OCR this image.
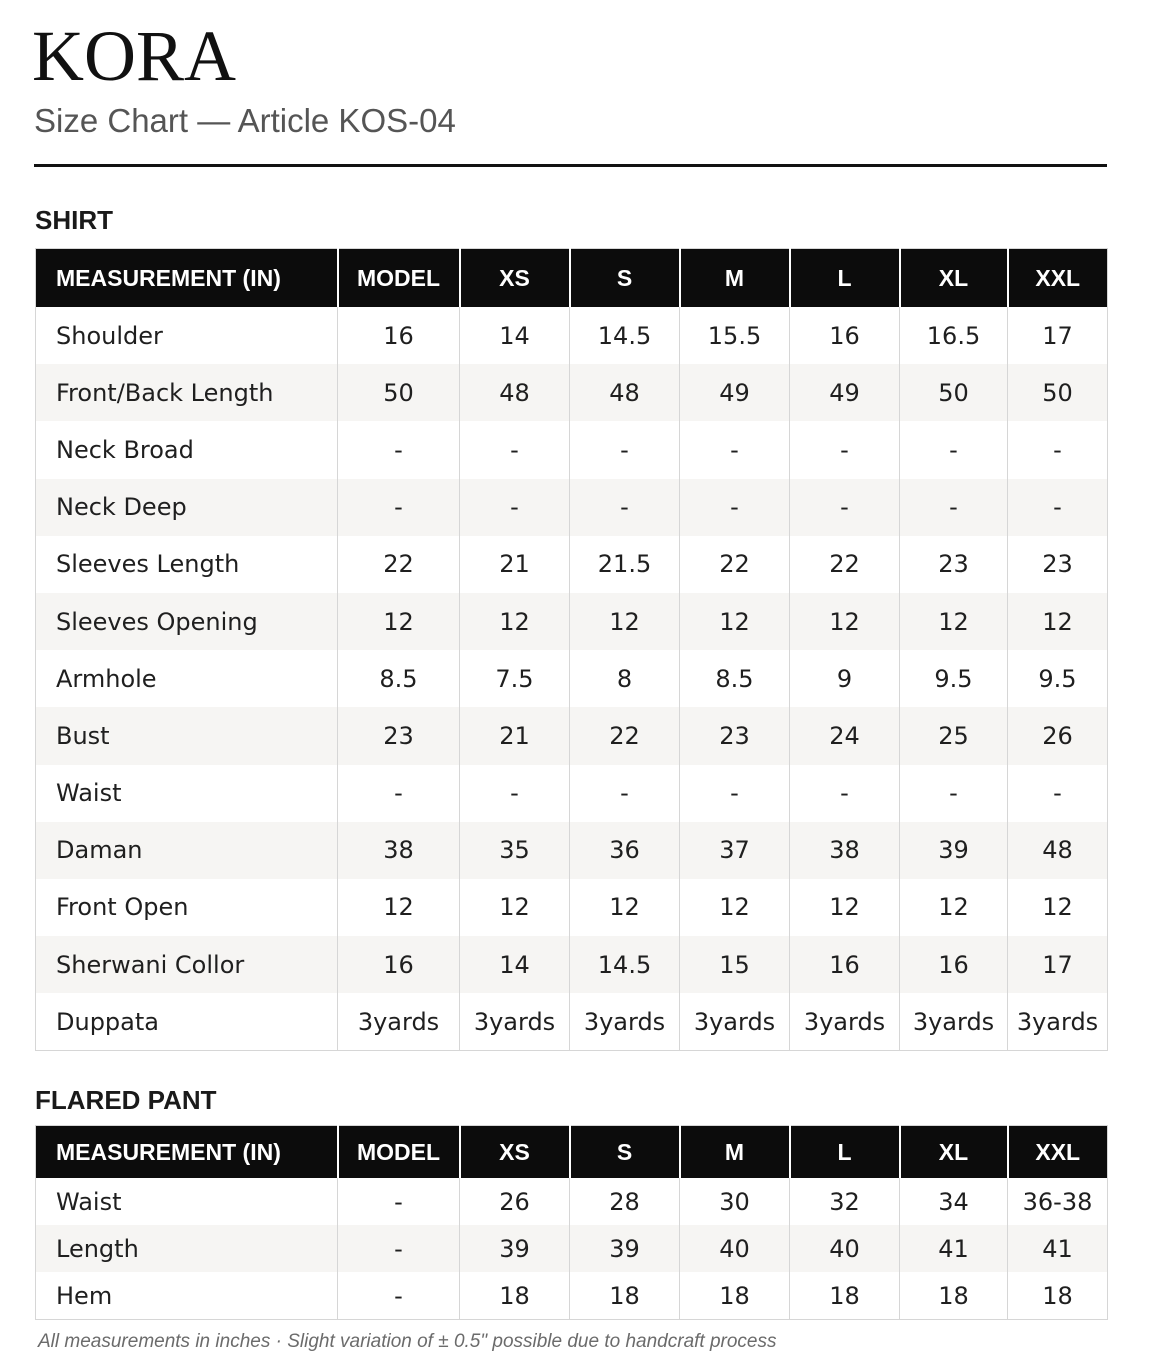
KORA
Size Chart — Article KOS-04
SHIRT
MEASUREMENT (IN)	MODEL	XS	S	M	L	XL	XXL
Shoulder	16	14	14.5	15.5	16	16.5	17
Front/Back Length	50	48	48	49	49	50	50
Neck Broad	-	-	-	-	-	-	-
Neck Deep	-	-	-	-	-	-	-
Sleeves Length	22	21	21.5	22	22	23	23
Sleeves Opening	12	12	12	12	12	12	12
Armhole	8.5	7.5	8	8.5	9	9.5	9.5
Bust	23	21	22	23	24	25	26
Waist	-	-	-	-	-	-	-
Daman	38	35	36	37	38	39	48
Front Open	12	12	12	12	12	12	12
Sherwani Collor	16	14	14.5	15	16	16	17
Duppata	3yards	3yards	3yards	3yards	3yards	3yards	3yards
FLARED PANT
MEASUREMENT (IN)	MODEL	XS	S	M	L	XL	XXL
Waist	-	26	28	30	32	34	36-38
Length	-	39	39	40	40	41	41
Hem	-	18	18	18	18	18	18
All measurements in inches · Slight variation of ± 0.5" possible due to handcraft process
